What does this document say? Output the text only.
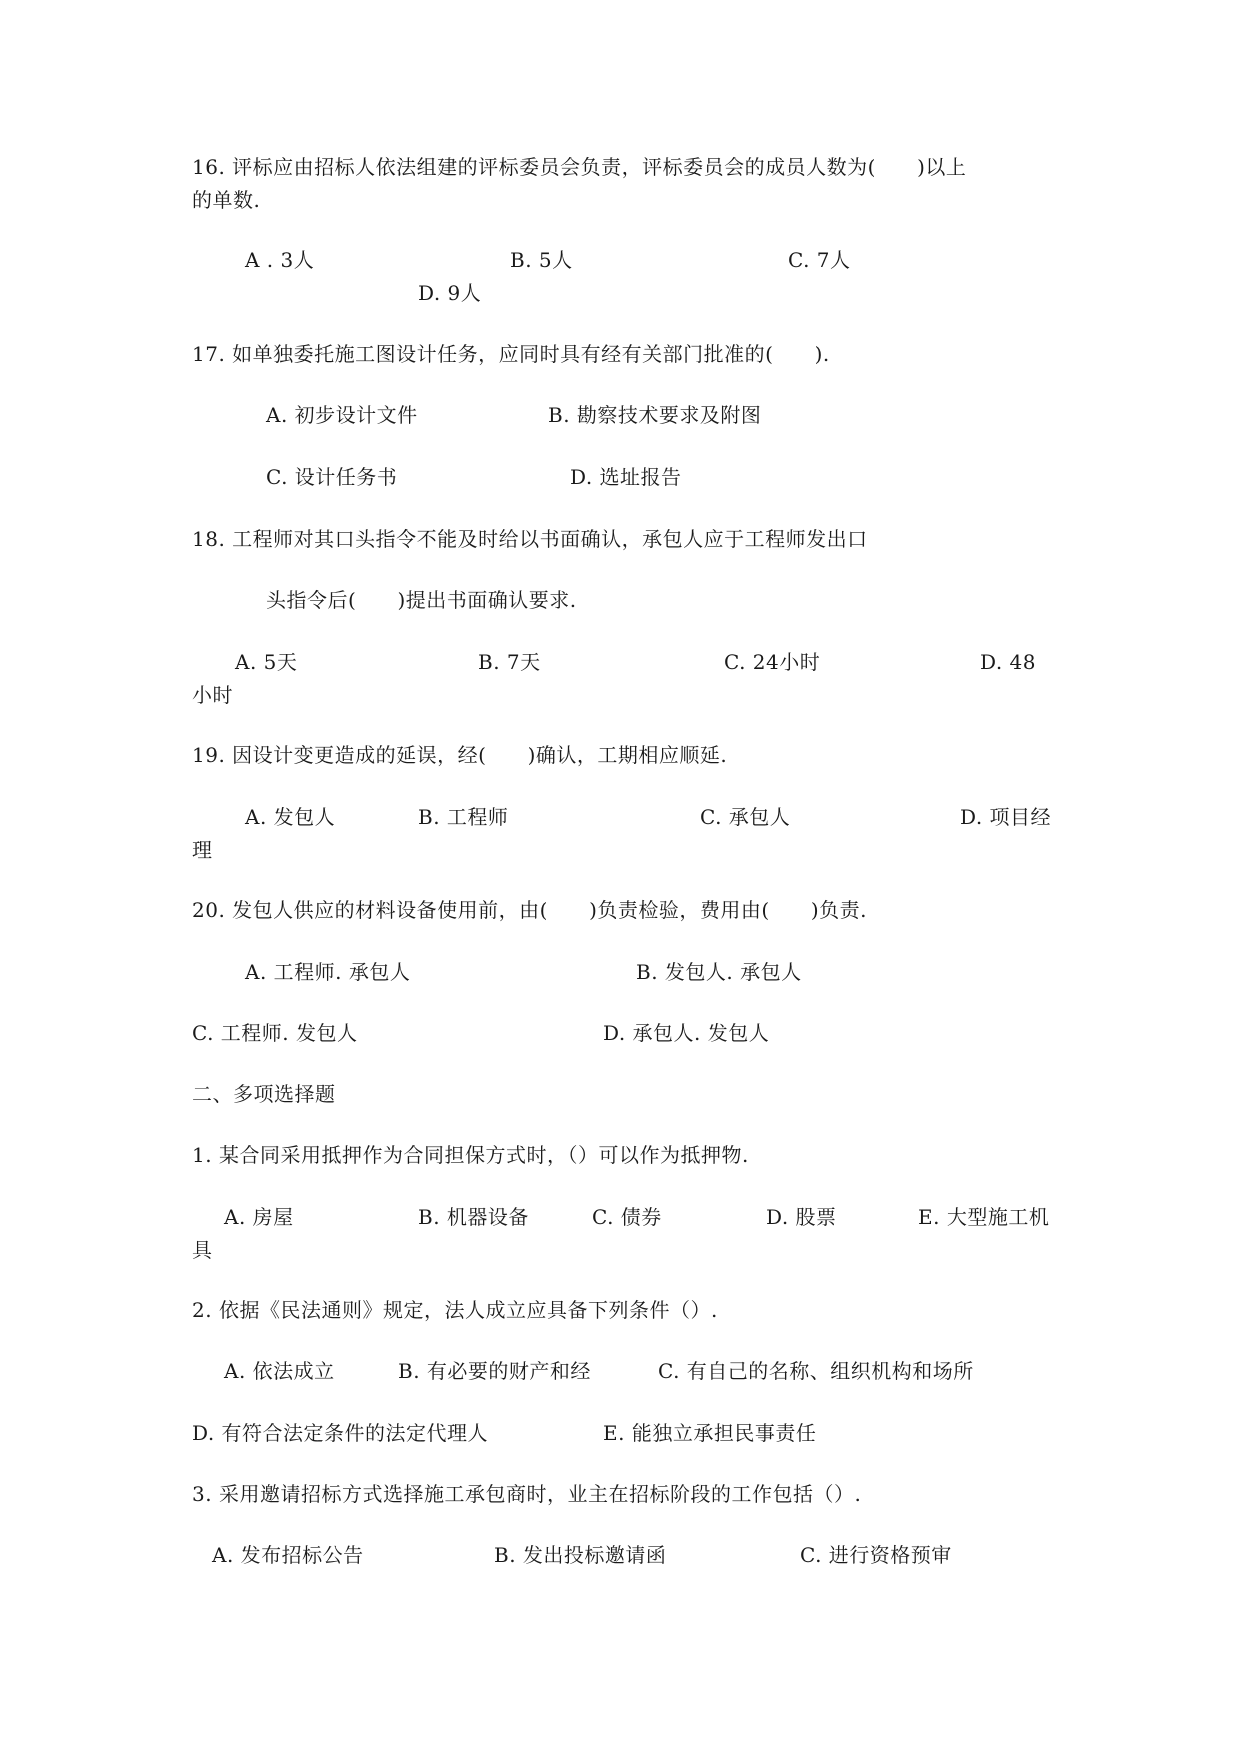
16. 评标应由招标人依法组建的评标委员会负责，评标委员会的成员人数为(      )以上
的单数.
A . 3人	B. 5人	C. 7人
D. 9人
17. 如单独委托施工图设计任务，应同时具有经有关部门批准的(      ).
A. 初步设计文件	B. 勘察技术要求及附图
C. 设计任务书	D. 选址报告
18. 工程师对其口头指令不能及时给以书面确认，承包人应于工程师发出口
头指令后(      )提出书面确认要求.
A. 5天	B. 7天	C. 24小时	D. 48
小时
19. 因设计变更造成的延误，经(      )确认，工期相应顺延.
A. 发包人	B. 工程师	C. 承包人	D. 项目经
理
20. 发包人供应的材料设备使用前，由(      )负责检验，费用由(      )负责.
A. 工程师. 承包人	B. 发包人. 承包人
C. 工程师. 发包人	D. 承包人. 发包人
二、多项选择题
1. 某合同采用抵押作为合同担保方式时，（）可以作为抵押物.
A. 房屋	B. 机器设备	C. 债券	D. 股票	E. 大型施工机
具
2. 依据《民法通则》规定，法人成立应具备下列条件（）.
A. 依法成立	B. 有必要的财产和经	C. 有自己的名称、组织机构和场所
D. 有符合法定条件的法定代理人	E. 能独立承担民事责任
3. 采用邀请招标方式选择施工承包商时，业主在招标阶段的工作包括（）.
A. 发布招标公告	B. 发出投标邀请函	C. 进行资格预审
